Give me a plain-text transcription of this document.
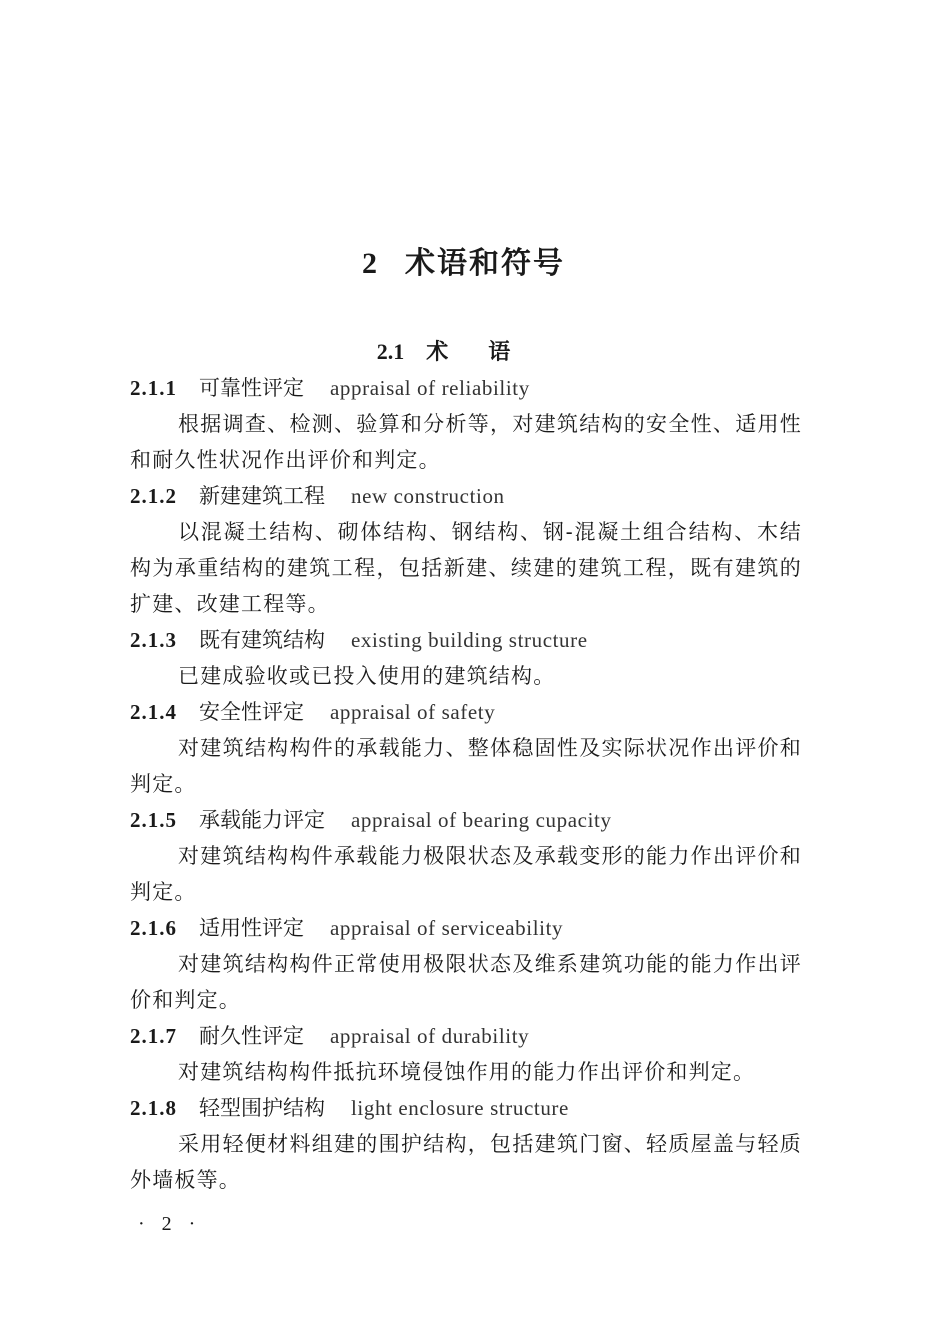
2 术语和符号
2.1 术语
2.1.1 可靠性评定 appraisal of reliability

根据调查、检测、验算和分析等，对建筑结构的安全性、适用性和耐久性状况作出评价和判定。

2.1.2 新建建筑工程 new construction

以混凝土结构、砌体结构、钢结构、钢-混凝土组合结构、木结构为承重结构的建筑工程，包括新建、续建的建筑工程，既有建筑的扩建、改建工程等。

2.1.3 既有建筑结构 existing building structure

已建成验收或已投入使用的建筑结构。

2.1.4 安全性评定 appraisal of safety

对建筑结构构件的承载能力、整体稳固性及实际状况作出评价和判定。

2.1.5 承载能力评定 appraisal of bearing cupacity

对建筑结构构件承载能力极限状态及承载变形的能力作出评价和判定。

2.1.6 适用性评定 appraisal of serviceability

对建筑结构构件正常使用极限状态及维系建筑功能的能力作出评价和判定。

2.1.7 耐久性评定 appraisal of durability

对建筑结构构件抵抗环境侵蚀作用的能力作出评价和判定。

2.1.8 轻型围护结构 light enclosure structure

采用轻便材料组建的围护结构，包括建筑门窗、轻质屋盖与轻质外墙板等。

· 2 ·
